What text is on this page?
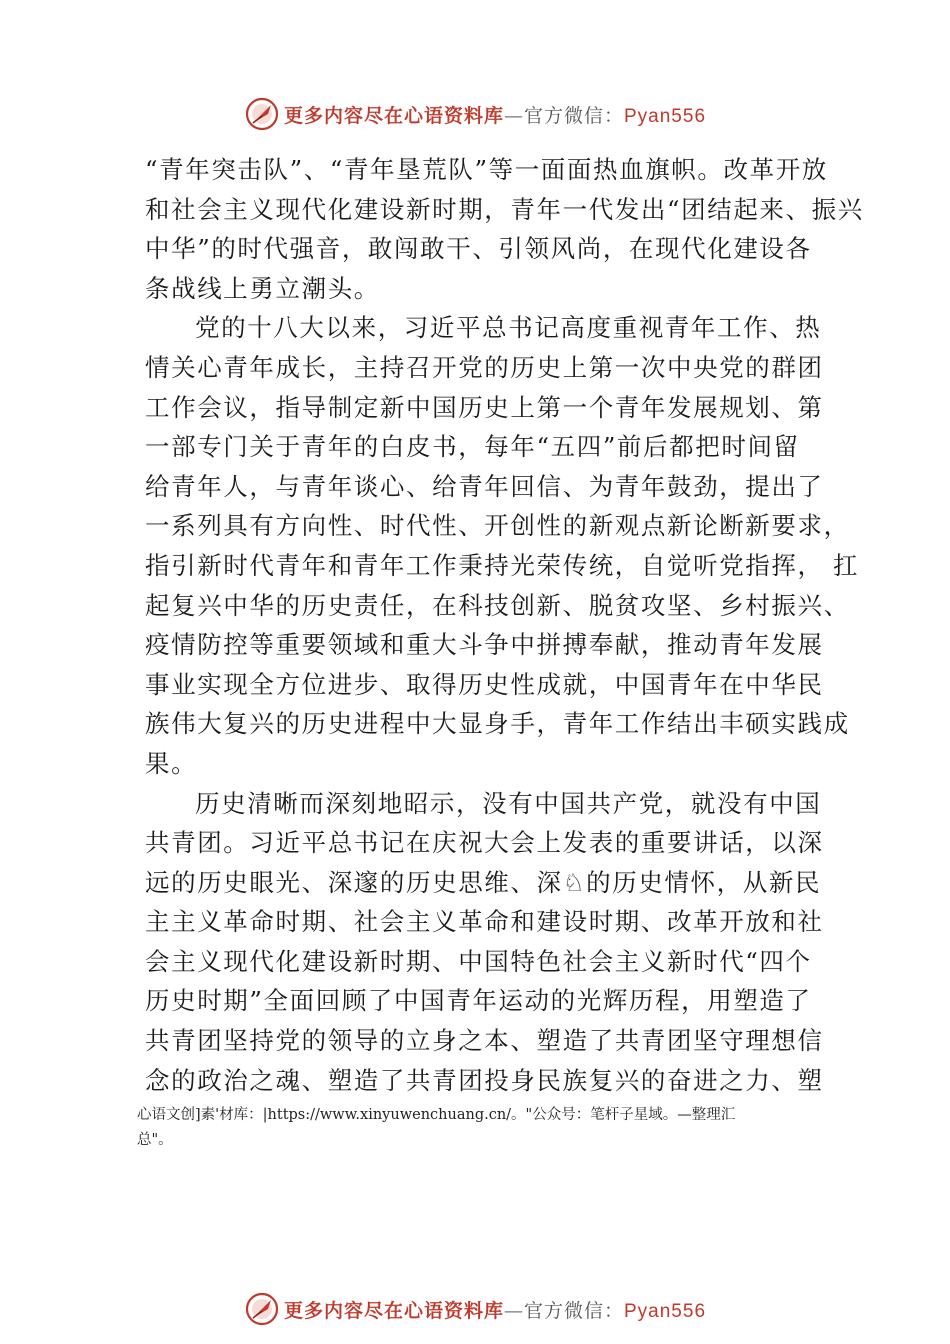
更多内容尽在心语资料库—官方微信：Pyan556
“青年突击队”、“青年垦荒队”等一面面热血旗帜。改革开放
和社会主义现代化建设新时期，青年一代发出“团结起来、振兴
中华”的时代强音，敢闯敢干、引领风尚，在现代化建设各
条战线上勇立潮头。
党的十八大以来，习近平总书记高度重视青年工作、热
情关心青年成长，主持召开党的历史上第一次中央党的群团
工作会议，指导制定新中国历史上第一个青年发展规划、第
一部专门关于青年的白皮书，每年“五四”前后都把时间留
给青年人，与青年谈心、给青年回信、为青年鼓劲，提出了
一系列具有方向性、时代性、开创性的新观点新论断新要求，
指引新时代青年和青年工作秉持光荣传统，自觉听党指挥， 扛
起复兴中华的历史责任，在科技创新、脱贫攻坚、乡村振兴、
疫情防控等重要领域和重大斗争中拼搏奉献，推动青年发展
事业实现全方位进步、取得历史性成就，中国青年在中华民
族伟大复兴的历史进程中大显身手，青年工作结出丰硕实践成
果。
历史清晰而深刻地昭示，没有中国共产党，就没有中国
共青团。习近平总书记在庆祝大会上发表的重要讲话，以深
远的历史眼光、深邃的历史思维、深♘的历史情怀，从新民
主主义革命时期、社会主义革命和建设时期、改革开放和社
会主义现代化建设新时期、中国特色社会主义新时代“四个
历史时期”全面回顾了中国青年运动的光辉历程，用塑造了
共青团坚持党的领导的立身之本、塑造了共青团坚守理想信
念的政治之魂、塑造了共青团投身民族复兴的奋进之力、塑
心语文创]素'材库：|https://www.xinyuwenchuang.cn/。"公众号：笔杆子星域。—整理汇
总"。
更多内容尽在心语资料库—官方微信：Pyan556
